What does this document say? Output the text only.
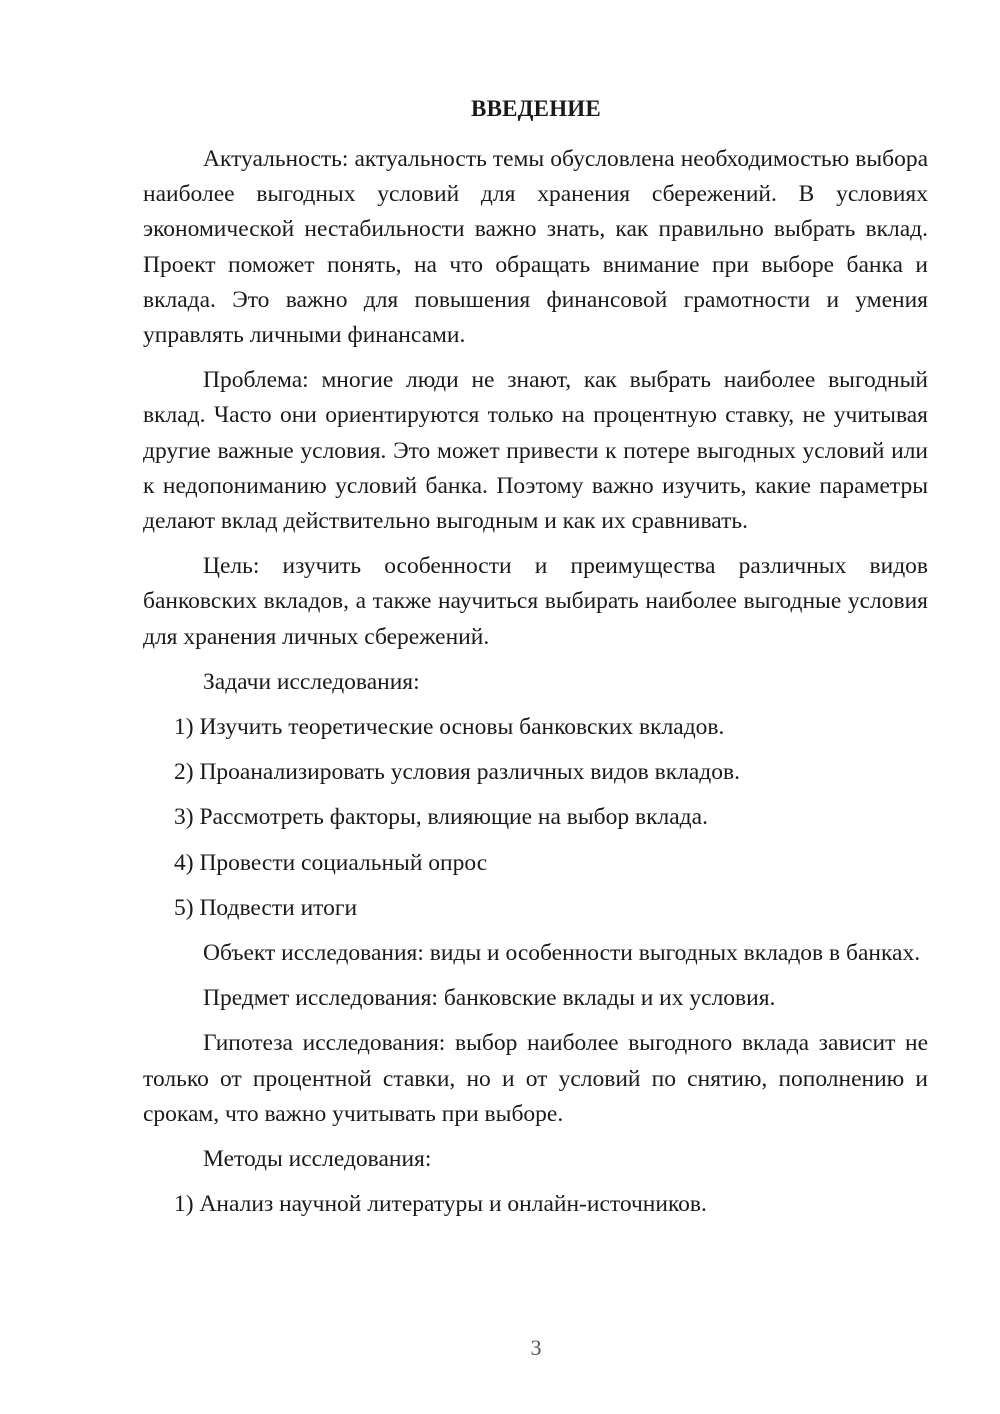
ВВЕДЕНИЕ

Актуальность: актуальность темы обусловлена необходимостью выбора наиболее выгодных условий для хранения сбережений. В условиях экономической нестабильности важно знать, как правильно выбрать вклад. Проект поможет понять, на что обращать внимание при выборе банка и вклада. Это важно для повышения финансовой грамотности и умения управлять личными финансами.

Проблема: многие люди не знают, как выбрать наиболее выгодный вклад. Часто они ориентируются только на процентную ставку, не учитывая другие важные условия. Это может привести к потере выгодных условий или к недопониманию условий банка. Поэтому важно изучить, какие параметры делают вклад действительно выгодным и как их сравнивать.

Цель: изучить особенности и преимущества различных видов банковских вкладов, а также научиться выбирать наиболее выгодные условия для хранения личных сбережений.

Задачи исследования:

1) Изучить теоретические основы банковских вкладов.
2) Проанализировать условия различных видов вкладов.
3) Рассмотреть факторы, влияющие на выбор вклада.
4) Провести социальный опрос
5) Подвести итоги

Объект исследования: виды и особенности выгодных вкладов в банках.

Предмет исследования: банковские вклады и их условия.

Гипотеза исследования: выбор наиболее выгодного вклада зависит не только от процентной ставки, но и от условий по снятию, пополнению и срокам, что важно учитывать при выборе.

Методы исследования:

1) Анализ научной литературы и онлайн-источников.
3
